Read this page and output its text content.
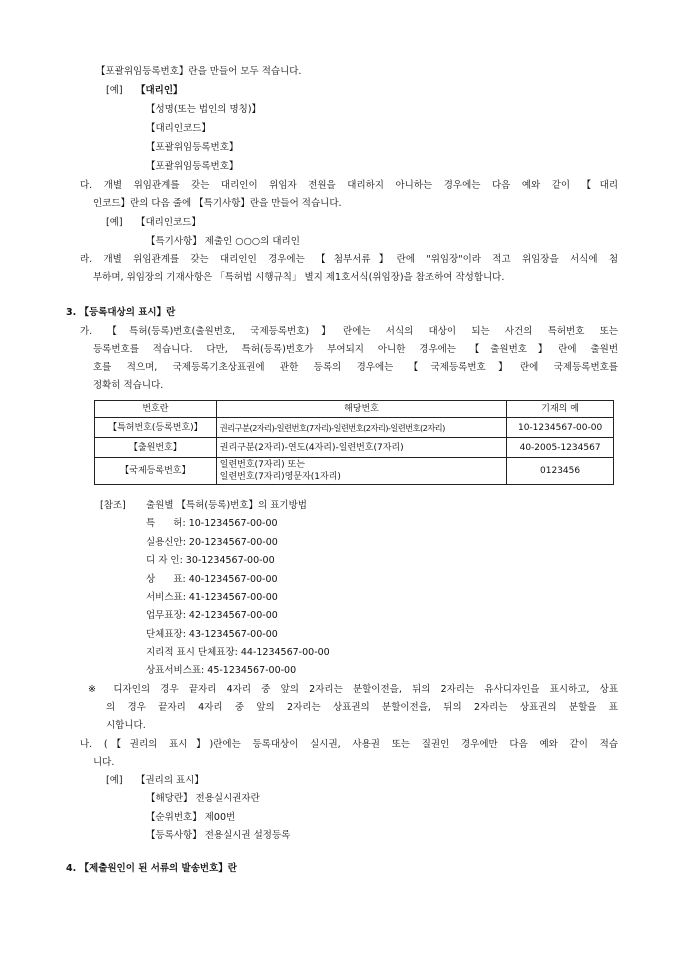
【포괄위임등록번호】란을 만들어 모두 적습니다.
[예] 【대리인】
【성명(또는 법인의 명칭)】
【대리인코드】
【포괄위임등록번호】
【포괄위임등록번호】
다. 개별 위임관계를 갖는 대리인이 위임자 전원을 대리하지 아니하는 경우에는 다음 예와 같이 【대리
인코드】란의 다음 줄에 【특기사항】란을 만들어 적습니다.
[예] 【대리인코드】
【특기사항】 제출인 ○○○의 대리인
라. 개별 위임관계를 갖는 대리인인 경우에는 【첨부서류】란에 "위임장"이라 적고 위임장을 서식에 첨
부하며, 위임장의 기재사항은 「특허법 시행규칙」 별지 제1호서식(위임장)을 참조하여 작성합니다.
3. 【등록대상의 표시】란
가. 【특허(등록)번호(출원번호, 국제등록번호)】란에는 서식의 대상이 되는 사건의 특허번호 또는
등록번호를 적습니다. 다만, 특허(등록)번호가 부여되지 아니한 경우에는 【출원번호】란에 출원번
호를 적으며, 국제등록기초상표권에 관한 등록의 경우에는 【국제등록번호】란에 국제등록번호를
정확히 적습니다.
번호란	해당번호	기재의 예
【특허번호(등록번호)】	권리구분(2자리)-일련번호(7자리)-일련번호(2자리)-일련번호(2자리)	10-1234567-00-00
【출원번호】	권리구분(2자리)-연도(4자리)-일련번호(7자리)	40-2005-1234567
【국제등록번호】	일련번호(7자리) 또는
일련번호(7자리)영문자(1자리)	0123456
[참조] 출원별 【특허(등록)번호】의 표기방법
특      허: 10-1234567-00-00
실용신안: 20-1234567-00-00
디 자 인: 30-1234567-00-00
상      표: 40-1234567-00-00
서비스표: 41-1234567-00-00
업무표장: 42-1234567-00-00
단체표장: 43-1234567-00-00
지리적 표시 단체표장: 44-1234567-00-00
상표서비스표: 45-1234567-00-00
※ 디자인의 경우 끝자리 4자리 중 앞의 2자리는 분할이전을, 뒤의 2자리는 유사디자인을 표시하고, 상표
의 경우 끝자리 4자리 중 앞의 2자리는 상표권의 분할이전을, 뒤의 2자리는 상표권의 분할을 표
시합니다.
나. (【권리의 표시】)란에는 등록대상이 실시권, 사용권 또는 질권인 경우에만 다음 예와 같이 적습
니다.
[예] 【권리의 표시】
【해당란】 전용실시권자란
【순위번호】 제00번
【등록사항】 전용실시권 설정등록
4. 【제출원인이 된 서류의 발송번호】란
